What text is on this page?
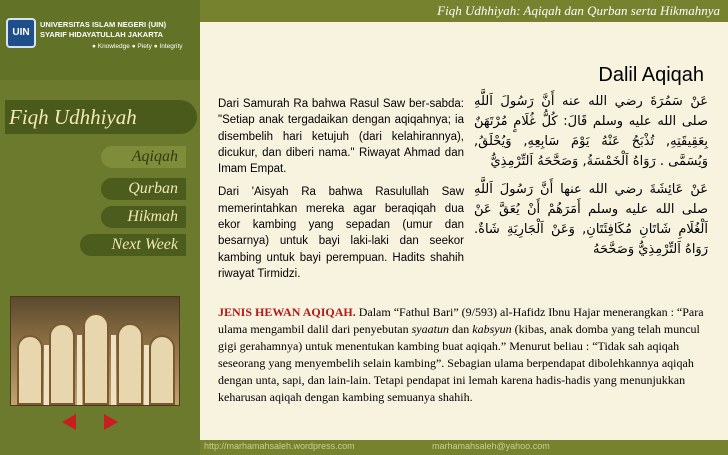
UIN
UNIVERSITAS ISLAM NEGERI (UIN)
SYARIF HIDAYATULLAH JAKARTA
● Knowledge ● Piety ● Integrity
Fiqh Udhhiyah
Aqiqah
Qurban
Hikmah
Next Week
Fiqh Udhhiyah: Aqiqah dan Qurban serta Hikmahnya
Dalil Aqiqah

Dari Samurah Ra bahwa Rasul Saw ber-sabda: "Setiap anak tergadaikan dengan aqiqahnya; ia disembelih hari ketujuh (dari kelahirannya), dicukur, dan diberi nama." Riwayat Ahmad dan Imam Empat.

Dari 'Aisyah Ra bahwa Rasulullah Saw memerintahkan mereka agar beraqiqah dua ekor kambing yang sepadan (umur dan besarnya) untuk bayi laki-laki dan seekor kambing untuk bayi perempuan. Hadits shahih riwayat Tirmidzi.

عَنْ سَمُرَةَ رضي الله عنه أَنَّ رَسُولَ اَللَّهِ صلى الله عليه وسلم قَالَ: كُلُّ غُلَامٍ مُرْتَهَنٌ بِعَقِيقَتِهِ, تُذْبَحُ عَنْهُ يَوْمَ سَابِعِهِ, وَيُحْلَقُ, وَيُسَمَّى . رَوَاهُ اَلْخَمْسَةُ, وَصَحَّحَهُ اَلتِّرْمِذِيُّ

عَنْ عَائِشَةَ رضي الله عنها أَنَّ رَسُولَ اَللَّهِ صلى الله عليه وسلم أَمَرَهُمْ أَنْ يُعَقَّ عَنْ اَلْغُلَامِ شَاتَانِ مُكَافِئَتَانِ, وَعَنْ اَلْجَارِيَةِ شَاةٌ. رَوَاهُ اَلتِّرْمِذِيُّ وَصَحَّحَهُ

JENIS HEWAN AQIQAH. Dalam “Fathul Bari” (9/593) al-Hafidz Ibnu Hajar menerangkan : “Para ulama mengambil dalil dari penyebutan syaatun dan kabsyun (kibas, anak domba yang telah muncul gigi gerahamnya) untuk menentukan kambing buat aqiqah.” Menurut beliau : “Tidak sah aqiqah seseorang yang menyembelih selain kambing”. Sebagian ulama berpendapat dibolehkannya aqiqah dengan unta, sapi, dan lain-lain. Tetapi pendapat ini lemah karena hadis-hadis yang menunjukkan keharusan aqiqah dengan kambing semuanya shahih.
http://marhamahsaleh.wordpress.com	marhamahsaleh@yahoo.com
